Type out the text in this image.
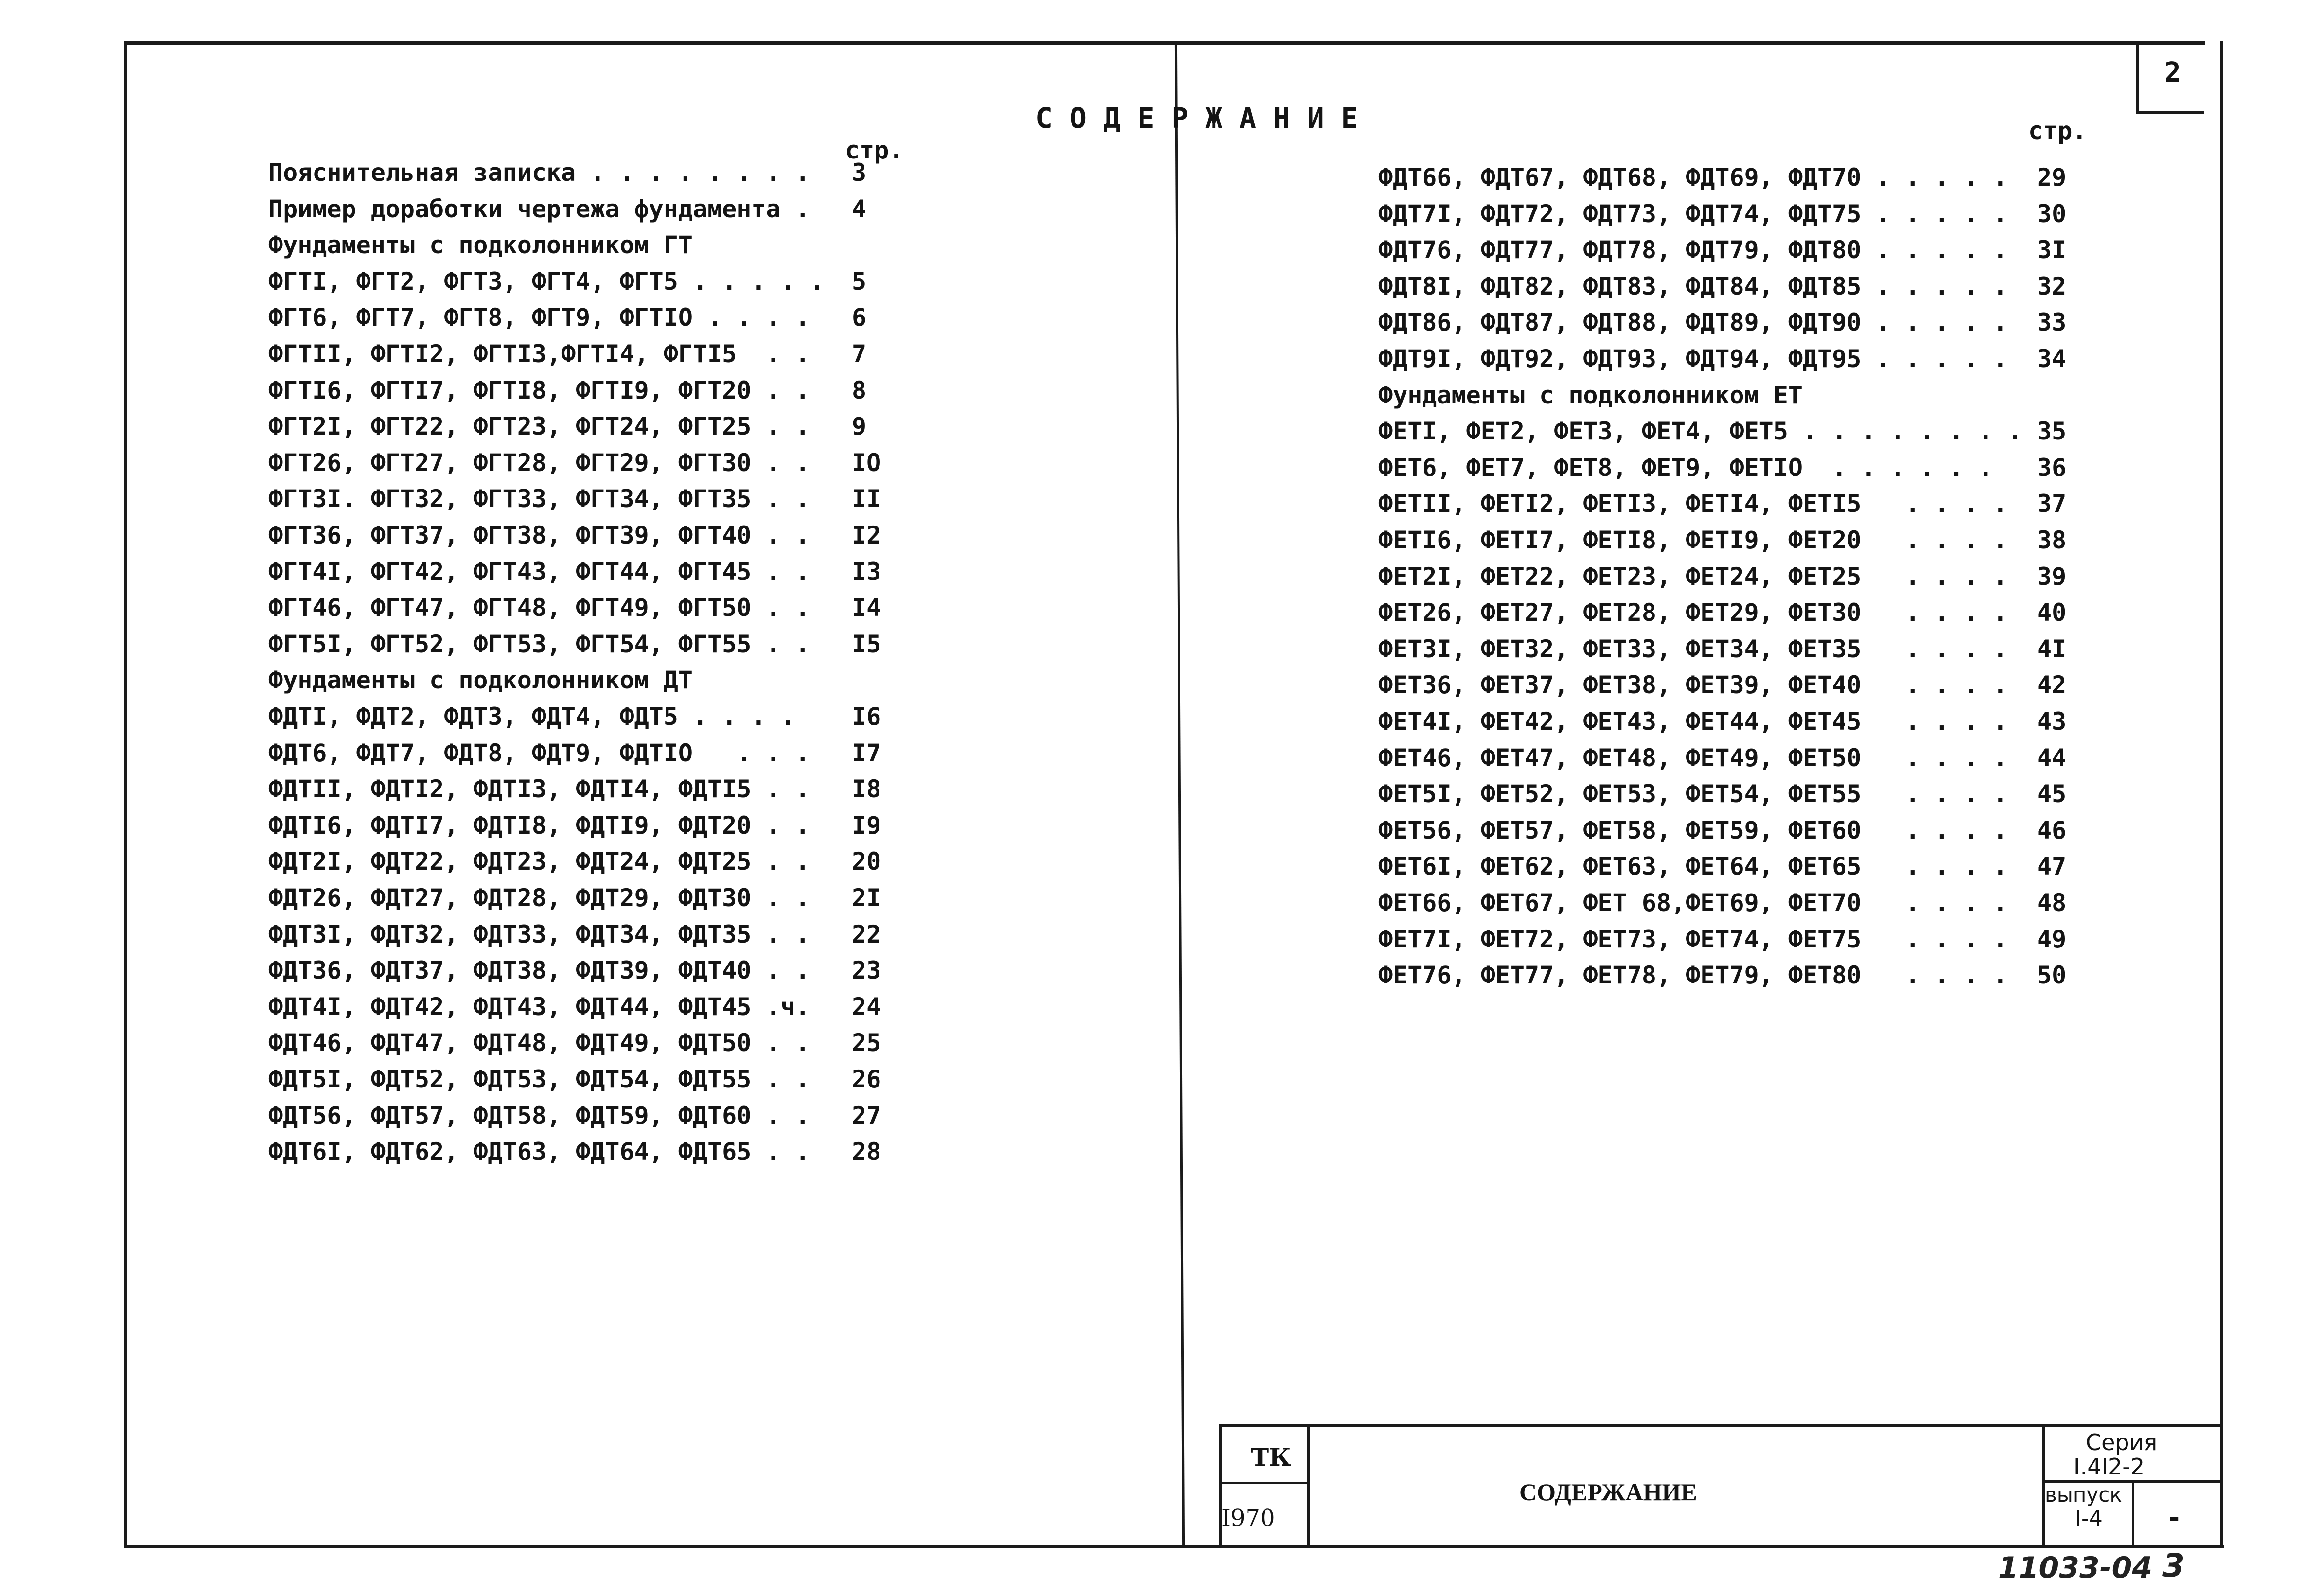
2
С О Д Е Р Ж А Н И Е
стр.
стр.
Пояснительная записка . . . . . . . . 3
Пример доработки чертежа фундамента . 4
Фундаменты с подколонником ГТ
ФГТI, ФГТ2, ФГТ3, ФГТ4, ФГТ5 . . . . . 5
ФГТ6, ФГТ7, ФГТ8, ФГТ9, ФГТIO . . . . 6
ФГТII, ФГТI2, ФГТI3,ФГТI4, ФГТI5  . . 7
ФГТI6, ФГТI7, ФГТI8, ФГТI9, ФГТ20 . . 8
ФГТ2I, ФГТ22, ФГТ23, ФГТ24, ФГТ25 . . 9
ФГТ26, ФГТ27, ФГТ28, ФГТ29, ФГТ30 . . IO
ФГТ3I. ФГТ32, ФГТ33, ФГТ34, ФГТ35 . . II
ФГТ36, ФГТ37, ФГТ38, ФГТ39, ФГТ40 . . I2
ФГТ4I, ФГТ42, ФГТ43, ФГТ44, ФГТ45 . . I3
ФГТ46, ФГТ47, ФГТ48, ФГТ49, ФГТ50 . . I4
ФГТ5I, ФГТ52, ФГТ53, ФГТ54, ФГТ55 . . I5
Фундаменты с подколонником ДТ
ФДТI, ФДТ2, ФДТ3, ФДТ4, ФДТ5 . . . . I6
ФДТ6, ФДТ7, ФДТ8, ФДТ9, ФДТIO   . . . I7
ФДТII, ФДТI2, ФДТI3, ФДТI4, ФДТI5 . . I8
ФДТI6, ФДТI7, ФДТI8, ФДТI9, ФДТ20 . . I9
ФДТ2I, ФДТ22, ФДТ23, ФДТ24, ФДТ25 . . 20
ФДТ26, ФДТ27, ФДТ28, ФДТ29, ФДТ30 . . 2I
ФДТ3I, ФДТ32, ФДТ33, ФДТ34, ФДТ35 . . 22
ФДТ36, ФДТ37, ФДТ38, ФДТ39, ФДТ40 . . 23
ФДТ4I, ФДТ42, ФДТ43, ФДТ44, ФДТ45 .ч. 24
ФДТ46, ФДТ47, ФДТ48, ФДТ49, ФДТ50 . . 25
ФДТ5I, ФДТ52, ФДТ53, ФДТ54, ФДТ55 . . 26
ФДТ56, ФДТ57, ФДТ58, ФДТ59, ФДТ60 . . 27
ФДТ6I, ФДТ62, ФДТ63, ФДТ64, ФДТ65 . . 28
ФДТ66, ФДТ67, ФДТ68, ФДТ69, ФДТ70 . . . . . 29
ФДТ7I, ФДТ72, ФДТ73, ФДТ74, ФДТ75 . . . . . 30
ФДТ76, ФДТ77, ФДТ78, ФДТ79, ФДТ80 . . . . . 3I
ФДТ8I, ФДТ82, ФДТ83, ФДТ84, ФДТ85 . . . . . 32
ФДТ86, ФДТ87, ФДТ88, ФДТ89, ФДТ90 . . . . . 33
ФДТ9I, ФДТ92, ФДТ93, ФДТ94, ФДТ95 . . . . . 34
Фундаменты с подколонником ЕТ
ФЕТI, ФЕТ2, ФЕТ3, ФЕТ4, ФЕТ5 . . . . . . . . 35
ФЕТ6, ФЕТ7, ФЕТ8, ФЕТ9, ФЕТIO  . . . . . . 36
ФЕТII, ФЕТI2, ФЕТI3, ФЕТI4, ФЕТI5   . . . . 37
ФЕТI6, ФЕТI7, ФЕТI8, ФЕТI9, ФЕТ20   . . . . 38
ФЕТ2I, ФЕТ22, ФЕТ23, ФЕТ24, ФЕТ25   . . . . 39
ФЕТ26, ФЕТ27, ФЕТ28, ФЕТ29, ФЕТ30   . . . . 40
ФЕТ3I, ФЕТ32, ФЕТ33, ФЕТ34, ФЕТ35   . . . . 4I
ФЕТ36, ФЕТ37, ФЕТ38, ФЕТ39, ФЕТ40   . . . . 42
ФЕТ4I, ФЕТ42, ФЕТ43, ФЕТ44, ФЕТ45   . . . . 43
ФЕТ46, ФЕТ47, ФЕТ48, ФЕТ49, ФЕТ50   . . . . 44
ФЕТ5I, ФЕТ52, ФЕТ53, ФЕТ54, ФЕТ55   . . . . 45
ФЕТ56, ФЕТ57, ФЕТ58, ФЕТ59, ФЕТ60   . . . . 46
ФЕТ6I, ФЕТ62, ФЕТ63, ФЕТ64, ФЕТ65   . . . . 47
ФЕТ66, ФЕТ67, ФЕТ 68,ФЕТ69, ФЕТ70   . . . . 48
ФЕТ7I, ФЕТ72, ФЕТ73, ФЕТ74, ФЕТ75   . . . . 49
ФЕТ76, ФЕТ77, ФЕТ78, ФЕТ79, ФЕТ80   . . . . 50
ТК
I970
СОДЕРЖАНИЕ
Серия
I.4I2-2
выпуск
I-4 -
11033-04 3
